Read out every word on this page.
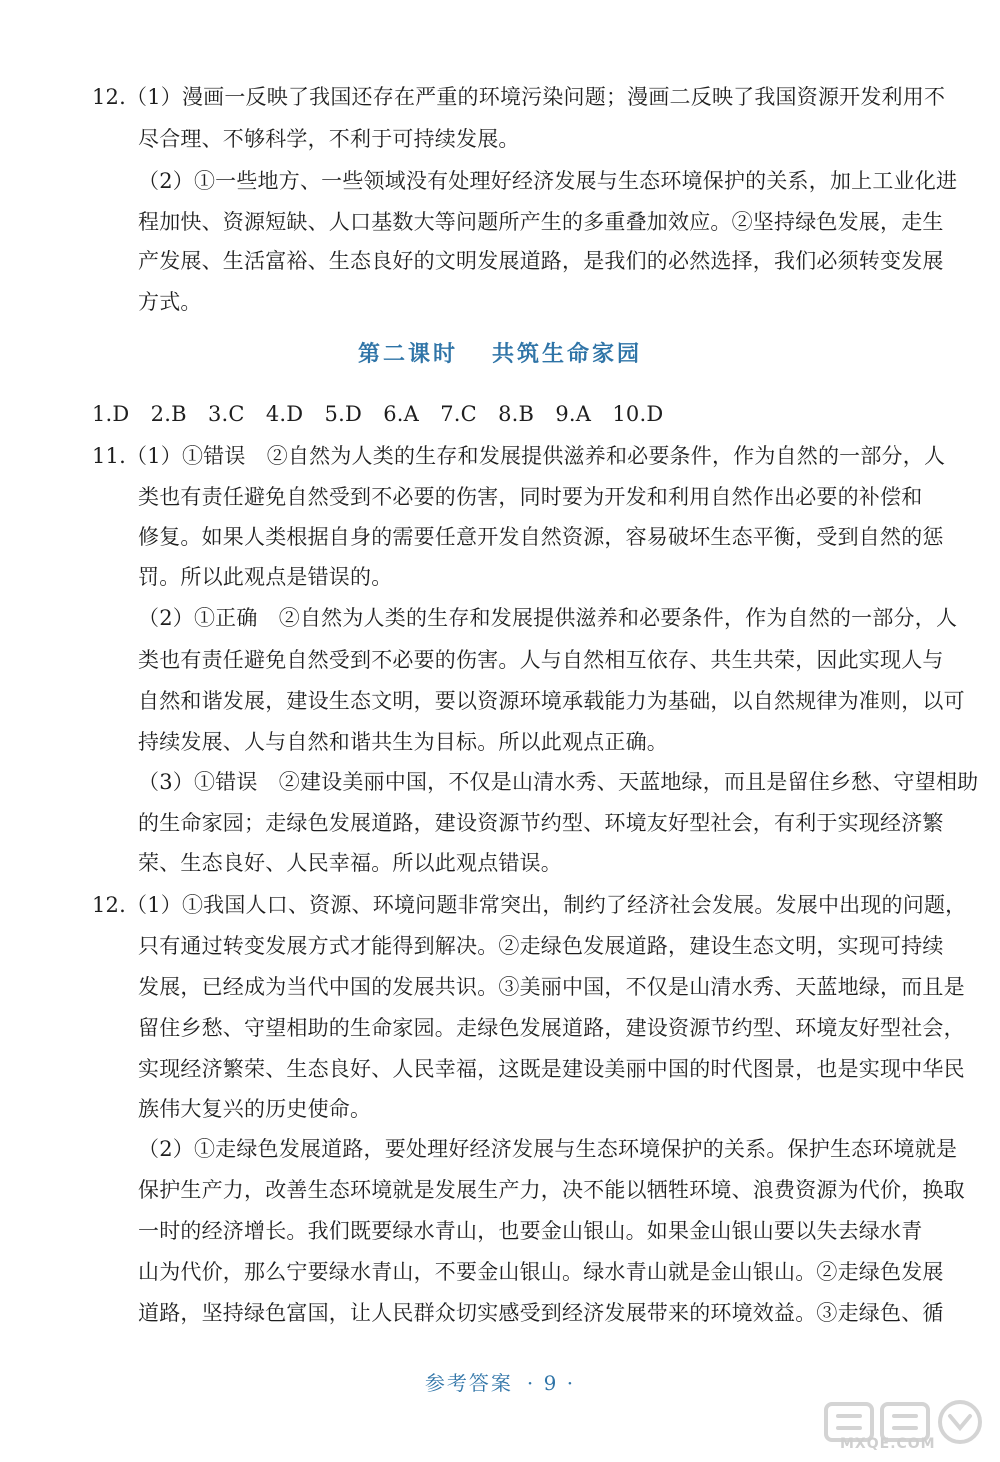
12.（1）漫画一反映了我国还存在严重的环境污染问题；漫画二反映了我国资源开发利用不
尽合理、不够科学，不利于可持续发展。
（2）①一些地方、一些领域没有处理好经济发展与生态环境保护的关系，加上工业化进
程加快、资源短缺、人口基数大等问题所产生的多重叠加效应。②坚持绿色发展，走生
产发展、生活富裕、生态良好的文明发展道路，是我们的必然选择，我们必须转变发展
方式。
第二课时 共筑生命家园
1.D　2.B　3.C　4.D　5.D　6.A　7.C　8.B　9.A　10.D
11.（1）①错误　②自然为人类的生存和发展提供滋养和必要条件，作为自然的一部分，人
类也有责任避免自然受到不必要的伤害，同时要为开发和利用自然作出必要的补偿和
修复。如果人类根据自身的需要任意开发自然资源，容易破坏生态平衡，受到自然的惩
罚。所以此观点是错误的。
（2）①正确　②自然为人类的生存和发展提供滋养和必要条件，作为自然的一部分，人
类也有责任避免自然受到不必要的伤害。人与自然相互依存、共生共荣，因此实现人与
自然和谐发展，建设生态文明，要以资源环境承载能力为基础，以自然规律为准则，以可
持续发展、人与自然和谐共生为目标。所以此观点正确。
（3）①错误　②建设美丽中国，不仅是山清水秀、天蓝地绿，而且是留住乡愁、守望相助
的生命家园；走绿色发展道路，建设资源节约型、环境友好型社会，有利于实现经济繁
荣、生态良好、人民幸福。所以此观点错误。
12.（1）①我国人口、资源、环境问题非常突出，制约了经济社会发展。发展中出现的问题，
只有通过转变发展方式才能得到解决。②走绿色发展道路，建设生态文明，实现可持续
发展，已经成为当代中国的发展共识。③美丽中国，不仅是山清水秀、天蓝地绿，而且是
留住乡愁、守望相助的生命家园。走绿色发展道路，建设资源节约型、环境友好型社会，
实现经济繁荣、生态良好、人民幸福，这既是建设美丽中国的时代图景，也是实现中华民
族伟大复兴的历史使命。
（2）①走绿色发展道路，要处理好经济发展与生态环境保护的关系。保护生态环境就是
保护生产力，改善生态环境就是发展生产力，决不能以牺牲环境、浪费资源为代价，换取
一时的经济增长。我们既要绿水青山，也要金山银山。如果金山银山要以失去绿水青
山为代价，那么宁要绿水青山，不要金山银山。绿水青山就是金山银山。②走绿色发展
道路，坚持绿色富国，让人民群众切实感受到经济发展带来的环境效益。③走绿色、循
参考答案 · 9 ·
MXQE.COM
